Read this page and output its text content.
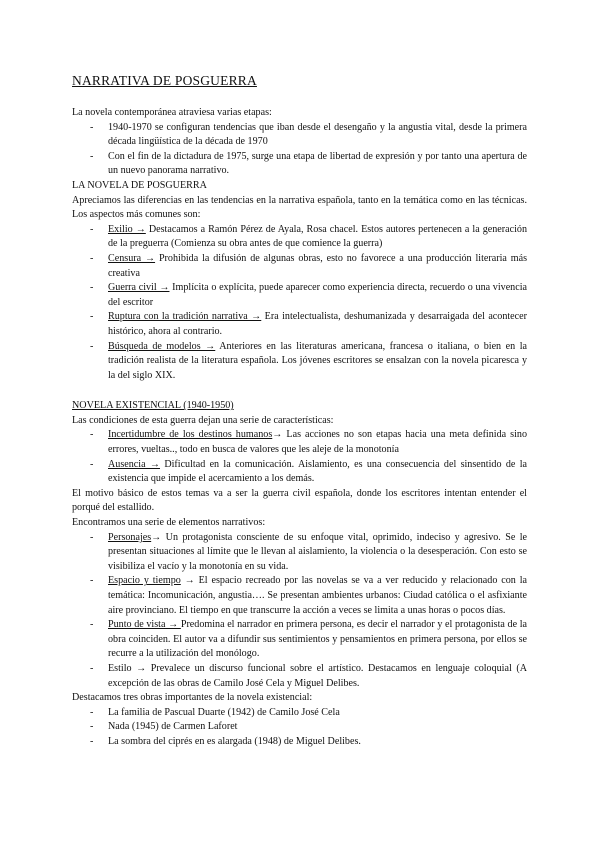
NARRATIVA DE POSGUERRA

La novela contemporánea atraviesa varias etapas:

- 1940-1970 se configuran tendencias que iban desde el desengaño y la angustia vital, desde la primera década lingüística de la década de 1970
- Con el fin de la dictadura de 1975, surge una etapa de libertad de expresión y por tanto una apertura de un nuevo panorama narrativo.

LA NOVELA DE POSGUERRA

Apreciamos las diferencias en las tendencias en la narrativa española, tanto en la temática como en las técnicas. Los aspectos más comunes son:

- Exilio → Destacamos a Ramón Pérez de Ayala, Rosa chacel. Estos autores pertenecen a la generación de la preguerra (Comienza su obra antes de que comience la guerra)
- Censura → Prohibida la difusión de algunas obras, esto no favorece a una producción literaria más creativa
- Guerra civil → Implícita o explícita, puede aparecer como experiencia directa, recuerdo o una vivencia del escritor
- Ruptura con la tradición narrativa → Era intelectualista, deshumanizada y desarraigada del acontecer histórico, ahora al contrario.
- Búsqueda de modelos → Anteriores en las literaturas americana, francesa o italiana, o bien en la tradición realista de la literatura española. Los jóvenes escritores se ensalzan con la novela picaresca y la del siglo XIX.

NOVELA EXISTENCIAL (1940-1950)

Las condiciones de esta guerra dejan una serie de características:

- Incertidumbre de los destinos humanos→ Las acciones no son etapas hacia una meta definida sino errores, vueltas.., todo en busca de valores que les aleje de la monotonía
- Ausencia → Dificultad en la comunicación. Aislamiento, es una consecuencia del sinsentido de la existencia que impide el acercamiento a los demás.

El motivo básico de estos temas va a ser la guerra civil española, donde los escritores intentan entender el porqué del estallido.

Encontramos una serie de elementos narrativos:

- Personajes→ Un protagonista consciente de su enfoque vital, oprimido, indeciso y agresivo. Se le presentan situaciones al límite que le llevan al aislamiento, la violencia o la desesperación. Con esto se visibiliza el vacío y la monotonía en su vida.
- Espacio y tiempo → El espacio recreado por las novelas se va a ver reducido y relacionado con la temática: Incomunicación, angustia…. Se presentan ambientes urbanos: Ciudad católica o el asfixiante aire provinciano. El tiempo en que transcurre la acción a veces se limita a unas horas o pocos días.
- Punto de vista → Predomina el narrador en primera persona, es decir el narrador y el protagonista de la obra coinciden. El autor va a difundir sus sentimientos y pensamientos en primera persona, por ellos se recurre a la utilización del monólogo.
- Estilo → Prevalece un discurso funcional sobre el artístico. Destacamos en lenguaje coloquial (A excepción de las obras de Camilo José Cela y Miguel Delibes.

Destacamos tres obras importantes de la novela existencial:

- La familia de Pascual Duarte (1942) de Camilo José Cela
- Nada (1945) de Carmen Laforet
- La sombra del ciprés en es alargada (1948) de Miguel Delibes.
